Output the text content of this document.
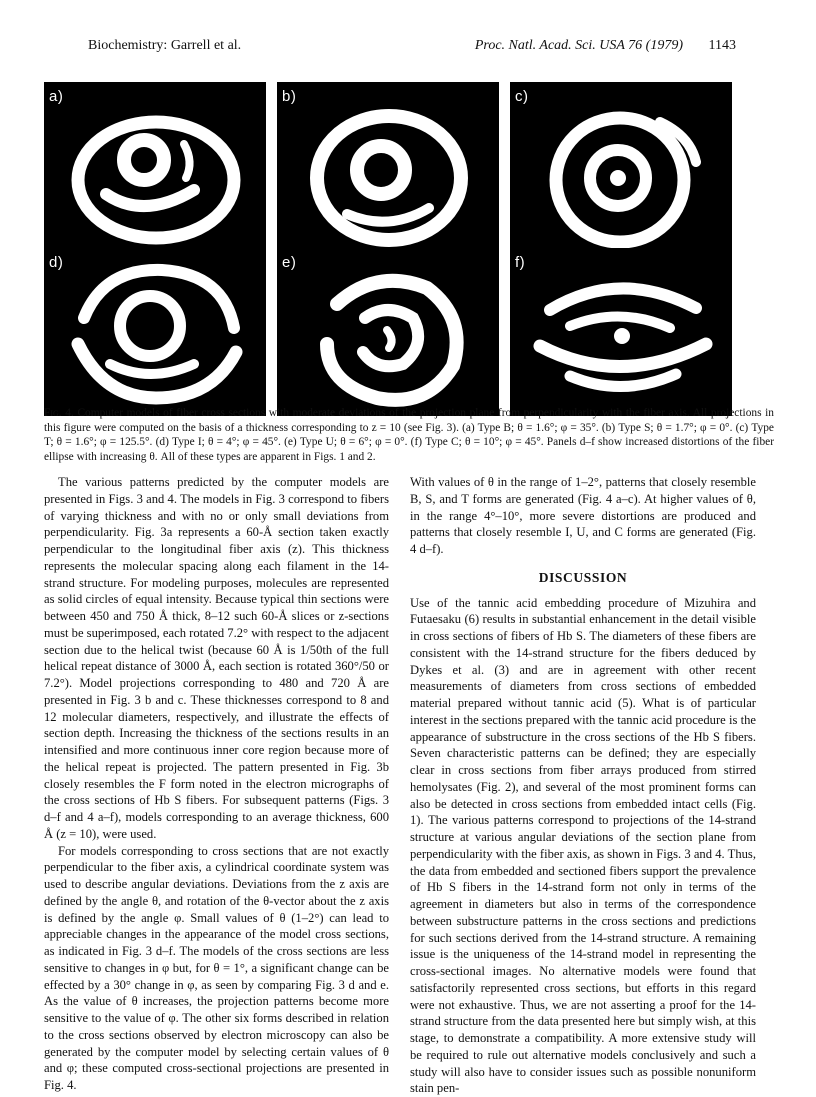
Biochemistry: Garrell et al.	Proc. Natl. Acad. Sci. USA 76 (1979) 1143
a)	b)	c)
d)	e)	f)
Fig. 4. Computer models of fiber cross sections with moderate deviations of the projection plane from perpendicularity with the fiber axis. All projections in this figure were computed on the basis of a thickness corresponding to z = 10 (see Fig. 3). (a) Type B; θ = 1.6°; φ = 35°. (b) Type S; θ = 1.7°; φ = 0°. (c) Type T; θ = 1.6°; φ = 125.5°. (d) Type I; θ = 4°; φ = 45°. (e) Type U; θ = 6°; φ = 0°. (f) Type C; θ = 10°; φ = 45°. Panels d–f show increased distortions of the fiber ellipse with increasing θ. All of these types are apparent in Figs. 1 and 2.

The various patterns predicted by the computer models are presented in Figs. 3 and 4. The models in Fig. 3 correspond to fibers of varying thickness and with no or only small deviations from perpendicularity. Fig. 3a represents a 60-Å section taken exactly perpendicular to the longitudinal fiber axis (z). This thickness represents the molecular spacing along each filament in the 14-strand structure. For modeling purposes, molecules are represented as solid circles of equal intensity. Because typical thin sections were between 450 and 750 Å thick, 8–12 such 60-Å slices or z-sections must be superimposed, each rotated 7.2° with respect to the adjacent section due to the helical twist (because 60 Å is 1/50th of the full helical repeat distance of 3000 Å, each section is rotated 360°/50 or 7.2°). Model projections corresponding to 480 and 720 Å are presented in Fig. 3 b and c. These thicknesses correspond to 8 and 12 molecular diameters, respectively, and illustrate the effects of section depth. Increasing the thickness of the sections results in an intensified and more continuous inner core region because more of the helical repeat is projected. The pattern presented in Fig. 3b closely resembles the F form noted in the electron micrographs of the cross sections of Hb S fibers. For subsequent patterns (Figs. 3 d–f and 4 a–f), models corresponding to an average thickness, 600 Å (z = 10), were used.

For models corresponding to cross sections that are not exactly perpendicular to the fiber axis, a cylindrical coordinate system was used to describe angular deviations. Deviations from the z axis are defined by the angle θ, and rotation of the θ-vector about the z axis is defined by the angle φ. Small values of θ (1–2°) can lead to appreciable changes in the appearance of the model cross sections, as indicated in Fig. 3 d–f. The models of the cross sections are less sensitive to changes in φ but, for θ = 1°, a significant change can be effected by a 30° change in φ, as seen by comparing Fig. 3 d and e. As the value of θ increases, the projection patterns become more sensitive to the value of φ. The other six forms described in relation to the cross sections observed by electron microscopy can also be generated by the computer model by selecting certain values of θ and φ; these computed cross-sectional projections are presented in Fig. 4.

With values of θ in the range of 1–2°, patterns that closely resemble B, S, and T forms are generated (Fig. 4 a–c). At higher values of θ, in the range 4°–10°, more severe distortions are produced and patterns that closely resemble I, U, and C forms are generated (Fig. 4 d–f).

DISCUSSION

Use of the tannic acid embedding procedure of Mizuhira and Futaesaku (6) results in substantial enhancement in the detail visible in cross sections of fibers of Hb S. The diameters of these fibers are consistent with the 14-strand structure for the fibers deduced by Dykes et al. (3) and are in agreement with other recent measurements of diameters from cross sections of embedded material prepared without tannic acid (5). What is of particular interest in the sections prepared with the tannic acid procedure is the appearance of substructure in the cross sections of the Hb S fibers. Seven characteristic patterns can be defined; they are especially clear in cross sections from fiber arrays produced from stirred hemolysates (Fig. 2), and several of the most prominent forms can also be detected in cross sections from embedded intact cells (Fig. 1). The various patterns correspond to projections of the 14-strand structure at various angular deviations of the section plane from perpendicularity with the fiber axis, as shown in Figs. 3 and 4. Thus, the data from embedded and sectioned fibers support the prevalence of Hb S fibers in the 14-strand form not only in terms of the agreement in diameters but also in terms of the correspondence between substructure patterns in the cross sections and predictions for such sections derived from the 14-strand structure. A remaining issue is the uniqueness of the 14-strand model in representing the cross-sectional images. No alternative models were found that satisfactorily represented cross sections, but efforts in this regard were not exhaustive. Thus, we are not asserting a proof for the 14-strand structure from the data presented here but simply wish, at this stage, to demonstrate a compatibility. A more extensive study will be required to rule out alternative models conclusively and such a study will also have to consider issues such as possible nonuniform stain pen-
